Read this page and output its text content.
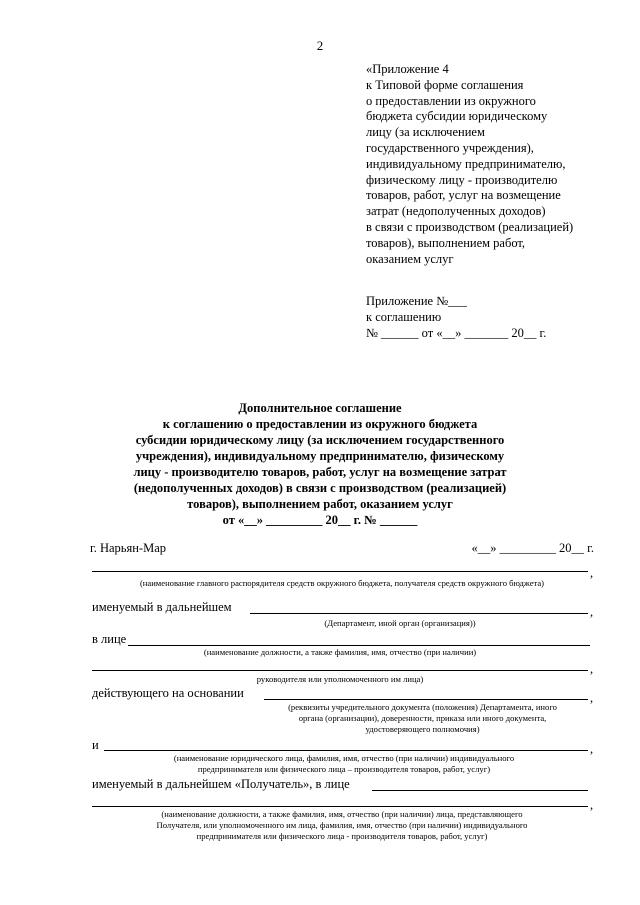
2
«Приложение 4
к Типовой форме соглашения
о предоставлении из окружного
бюджета субсидии юридическому
лицу (за исключением
государственного учреждения),
индивидуальному предпринимателю,
физическому лицу - производителю
товаров, работ, услуг на возмещение
затрат (недополученных доходов)
в связи с производством (реализацией)
товаров), выполнением работ,
оказанием услуг
Приложение №___
к соглашению
№ ______ от «__» _______ 20__ г.
Дополнительное соглашение
к соглашению о предоставлении из окружного бюджета
субсидии юридическому лицу (за исключением государственного
учреждения), индивидуальному предпринимателю, физическому
лицу - производителю товаров, работ, услуг на возмещение затрат
(недополученных доходов) в связи с производством (реализацией)
товаров), выполнением работ, оказанием услуг
от «__» _________ 20__ г. № ______
г. Нарьян-Мар	«__» _________ 20__ г.
,
(наименование главного распорядителя средств окружного бюджета, получателя средств окружного бюджета)
именуемый в дальнейшем	,
(Департамент, иной орган (организация))
в лице
(наименование должности, а также фамилия, имя, отчество (при наличии)
,
руководителя или уполномоченного им лица)
действующего на основании	,
(реквизиты учредительного документа (положения) Департамента, иного
органа (организации), доверенности, приказа или иного документа,
удостоверяющего полномочия)
и	,
(наименование юридического лица, фамилия, имя, отчество (при наличии) индивидуального
предпринимателя или физического лица – производителя товаров, работ, услуг)
именуемый в дальнейшем «Получатель», в лице
,
(наименование должности, а также фамилия, имя, отчество (при наличии) лица, представляющего
Получателя, или уполномоченного им лица, фамилия, имя, отчество (при наличии) индивидуального
предпринимателя или физического лица - производителя товаров, работ, услуг)
